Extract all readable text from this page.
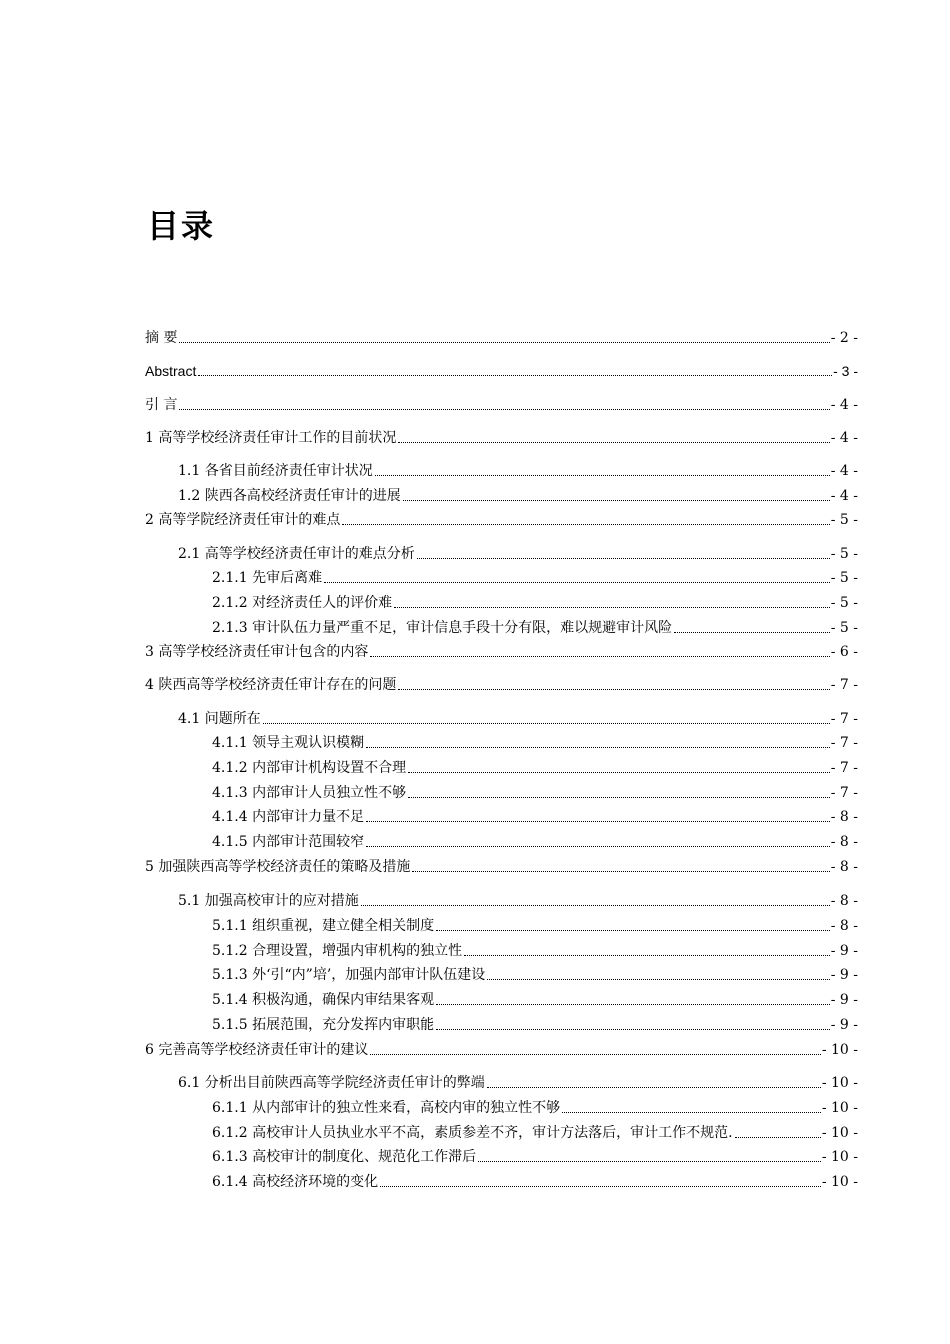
目录
摘 要	- 2 -
Abstract	- 3 -
引 言	- 4 -
1 高等学校经济责任审计工作的目前状况	- 4 -
1.1 各省目前经济责任审计状况	- 4 -
1.2 陕西各高校经济责任审计的进展	- 4 -
2 高等学院经济责任审计的难点	- 5 -
2.1 高等学校经济责任审计的难点分析	- 5 -
2.1.1 先审后离难	- 5 -
2.1.2 对经济责任人的评价难	- 5 -
2.1.3 审计队伍力量严重不足，审计信息手段十分有限，难以规避审计风险	- 5 -
3 高等学校经济责任审计包含的内容	- 6 -
4 陕西高等学校经济责任审计存在的问题	- 7 -
4.1 问题所在	- 7 -
4.1.1 领导主观认识模糊	- 7 -
4.1.2 内部审计机构设置不合理	- 7 -
4.1.3 内部审计人员独立性不够	- 7 -
4.1.4 内部审计力量不足	- 8 -
4.1.5 内部审计范围较窄	- 8 -
5 加强陕西高等学校经济责任的策略及措施	- 8 -
5.1 加强高校审计的应对措施	- 8 -
5.1.1 组织重视，建立健全相关制度	- 8 -
5.1.2 合理设置，增强内审机构的独立性	- 9 -
5.1.3 外‘引“内”培’，加强内部审计队伍建设	- 9 -
5.1.4 积极沟通，确保内审结果客观	- 9 -
5.1.5 拓展范围，充分发挥内审职能	- 9 -
6 完善高等学校经济责任审计的建议	- 10 -
6.1 分析出目前陕西高等学院经济责任审计的弊端	- 10 -
6.1.1 从内部审计的独立性来看，高校内审的独立性不够	- 10 -
6.1.2 高校审计人员执业水平不高，素质参差不齐，审计方法落后，审计工作不规范.	- 10 -
6.1.3 高校审计的制度化、规范化工作滞后	- 10 -
6.1.4 高校经济环境的变化	- 10 -
